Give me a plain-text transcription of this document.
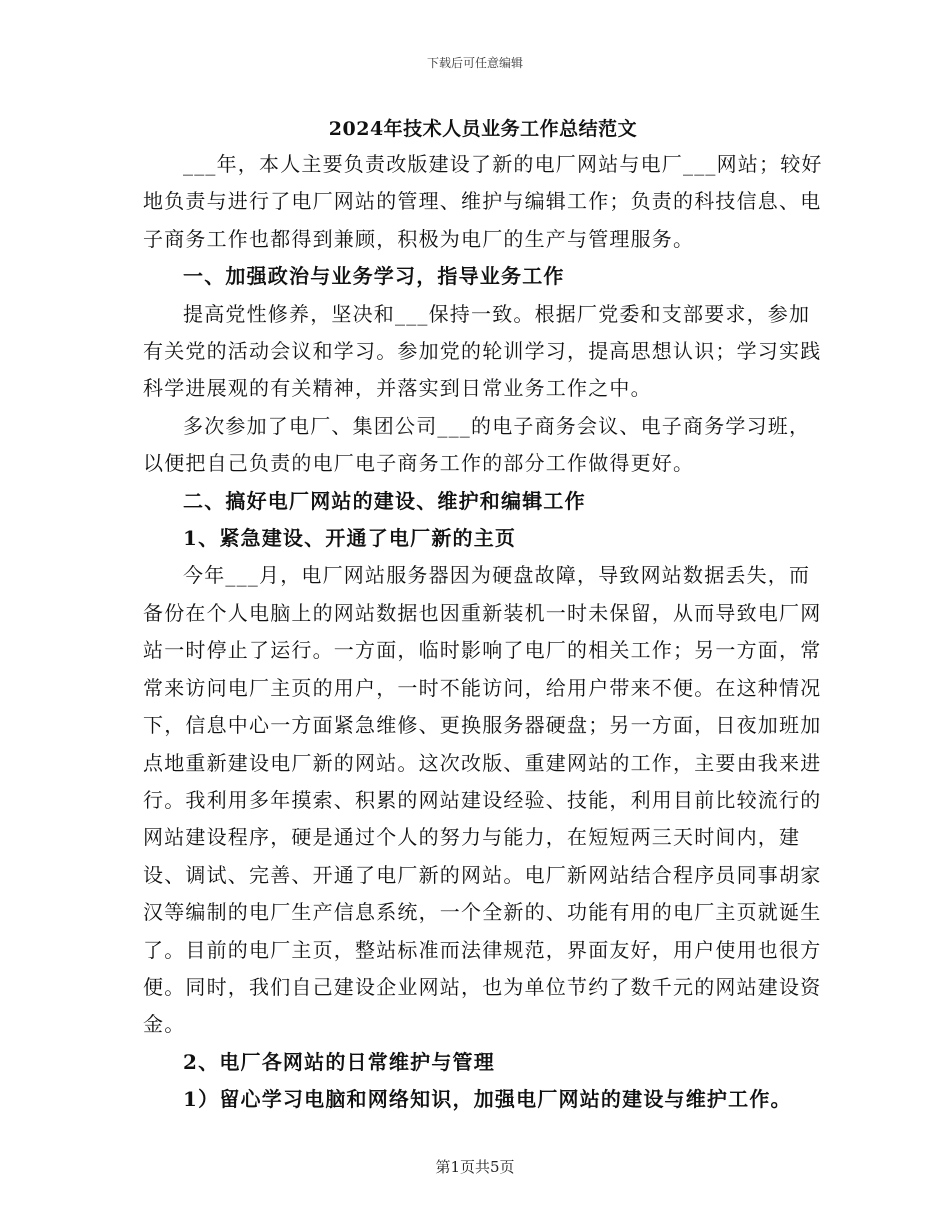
下载后可任意编辑
2024年技术人员业务工作总结范文

___年，本人主要负责改版建设了新的电厂网站与电厂___网站；较好地负责与进行了电厂网站的管理、维护与编辑工作；负责的科技信息、电子商务工作也都得到兼顾，积极为电厂的生产与管理服务。

一、加强政治与业务学习，指导业务工作

提高党性修养，坚决和___保持一致。根据厂党委和支部要求，参加有关党的活动会议和学习。参加党的轮训学习，提高思想认识；学习实践科学进展观的有关精神，并落实到日常业务工作之中。

多次参加了电厂、集团公司___的电子商务会议、电子商务学习班，以便把自己负责的电厂电子商务工作的部分工作做得更好。

二、搞好电厂网站的建设、维护和编辑工作

1、紧急建设、开通了电厂新的主页

今年___月，电厂网站服务器因为硬盘故障，导致网站数据丢失，而备份在个人电脑上的网站数据也因重新装机一时未保留，从而导致电厂网站一时停止了运行。一方面，临时影响了电厂的相关工作；另一方面，常常来访问电厂主页的用户，一时不能访问，给用户带来不便。在这种情况下，信息中心一方面紧急维修、更换服务器硬盘；另一方面，日夜加班加点地重新建设电厂新的网站。这次改版、重建网站的工作，主要由我来进行。我利用多年摸索、积累的网站建设经验、技能，利用目前比较流行的网站建设程序，硬是通过个人的努力与能力，在短短两三天时间内，建设、调试、完善、开通了电厂新的网站。电厂新网站结合程序员同事胡家汉等编制的电厂生产信息系统，一个全新的、功能有用的电厂主页就诞生了。目前的电厂主页，整站标准而法律规范，界面友好，用户使用也很方便。同时，我们自己建设企业网站，也为单位节约了数千元的网站建设资金。

2、电厂各网站的日常维护与管理

1）留心学习电脑和网络知识，加强电厂网站的建设与维护工作。

第1页共5页
